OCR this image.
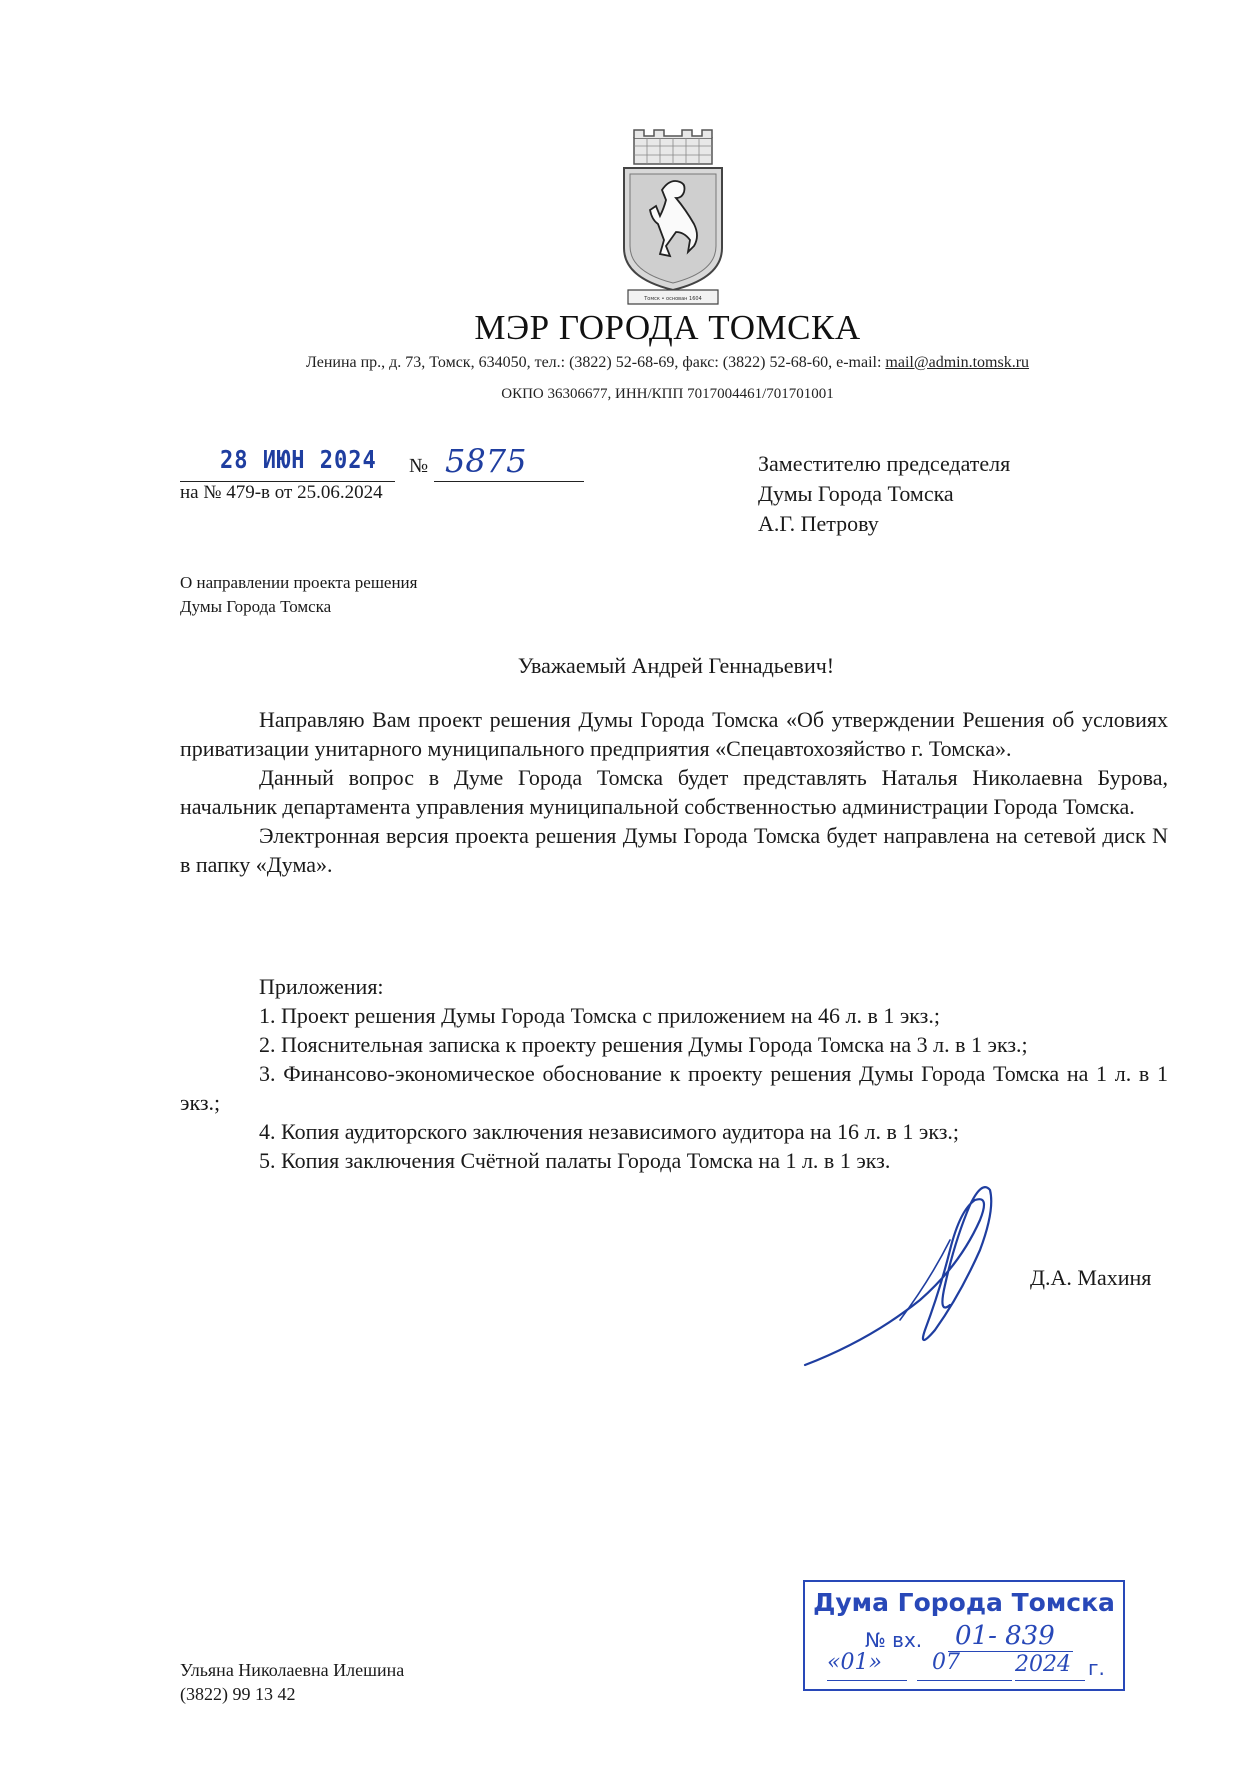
Томск • основан 1604
МЭР ГОРОДА ТОМСКА
Ленина пр., д. 73, Томск, 634050, тел.: (3822) 52-68-69, факс: (3822) 52-68-60, e-mail: mail@admin.tomsk.ru
ОКПО 36306677, ИНН/КПП 7017004461/701701001
28 ИЮН 2024 № 5875
на № 479-в от 25.06.2024
Заместителю председателя
Думы Города Томска
А.Г. Петрову
О направлении проекта решения
Думы Города Томска
Уважаемый Андрей Геннадьевич!

Направляю Вам проект решения Думы Города Томска «Об утверждении Решения об условиях приватизации унитарного муниципального предприятия «Спецавтохозяйство г. Томска».

Данный вопрос в Думе Города Томска будет представлять Наталья Николаевна Бурова, начальник департамента управления муниципальной собственностью администрации Города Томска.

Электронная версия проекта решения Думы Города Томска будет направлена на сетевой диск N в папку «Дума».

Приложения:
1. Проект решения Думы Города Томска с приложением на 46 л. в 1 экз.;
2. Пояснительная записка к проекту решения Думы Города Томска на 3 л. в 1 экз.;
3. Финансово-экономическое обоснование к проекту решения Думы Города Томска на 1 л. в 1 экз.;
4. Копия аудиторского заключения независимого аудитора на 16 л. в 1 экз.;
5. Копия заключения Счётной палаты Города Томска на 1 л. в 1 экз.
Д.А. Махиня
Ульяна Николаевна Илешина
(3822) 99 13 42
Дума Города Томска
№ вх. 01- 839
«01» 07	2024 г.
